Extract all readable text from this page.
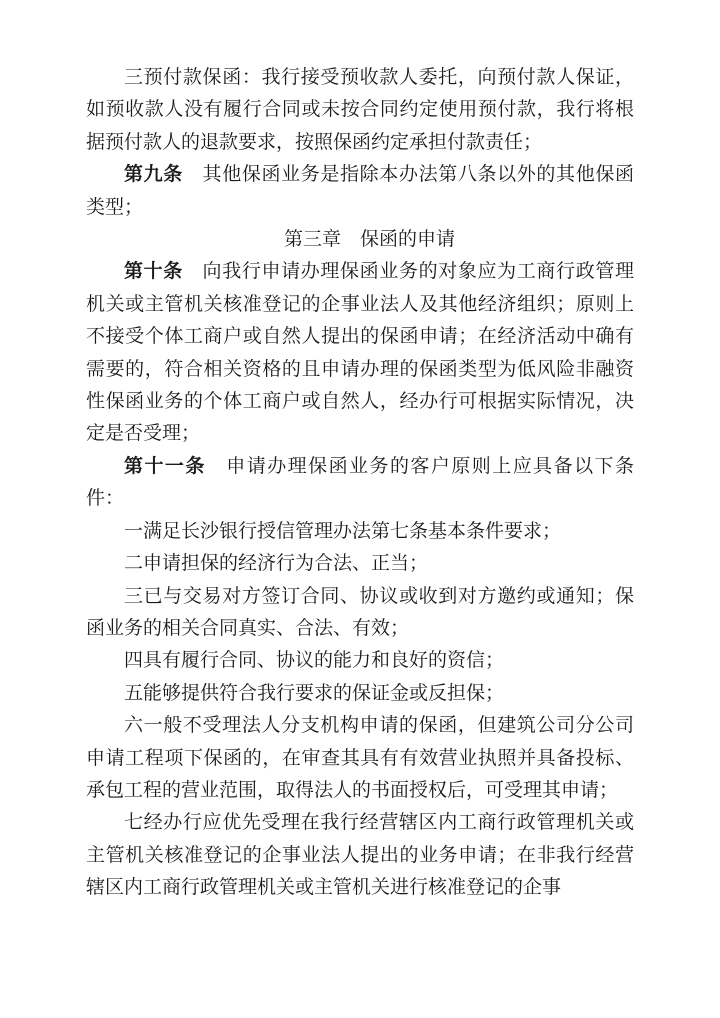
三预付款保函：我行接受预收款人委托，向预付款人保证，如预收款人没有履行合同或未按合同约定使用预付款，我行将根据预付款人的退款要求，按照保函约定承担付款责任；

第九条 其他保函业务是指除本办法第八条以外的其他保函类型；

第三章　保函的申请

第十条 向我行申请办理保函业务的对象应为工商行政管理机关或主管机关核准登记的企事业法人及其他经济组织；原则上不接受个体工商户或自然人提出的保函申请；在经济活动中确有需要的，符合相关资格的且申请办理的保函类型为低风险非融资性保函业务的个体工商户或自然人，经办行可根据实际情况，决定是否受理；

第十一条 申请办理保函业务的客户原则上应具备以下条件：

一满足长沙银行授信管理办法第七条基本条件要求；

二申请担保的经济行为合法、正当；

三已与交易对方签订合同、协议或收到对方邀约或通知；保函业务的相关合同真实、合法、有效；

四具有履行合同、协议的能力和良好的资信；

五能够提供符合我行要求的保证金或反担保；

六一般不受理法人分支机构申请的保函，但建筑公司分公司申请工程项下保函的，在审查其具有有效营业执照并具备投标、承包工程的营业范围，取得法人的书面授权后，可受理其申请；

七经办行应优先受理在我行经营辖区内工商行政管理机关或主管机关核准登记的企事业法人提出的业务申请；在非我行经营辖区内工商行政管理机关或主管机关进行核准登记的企事
